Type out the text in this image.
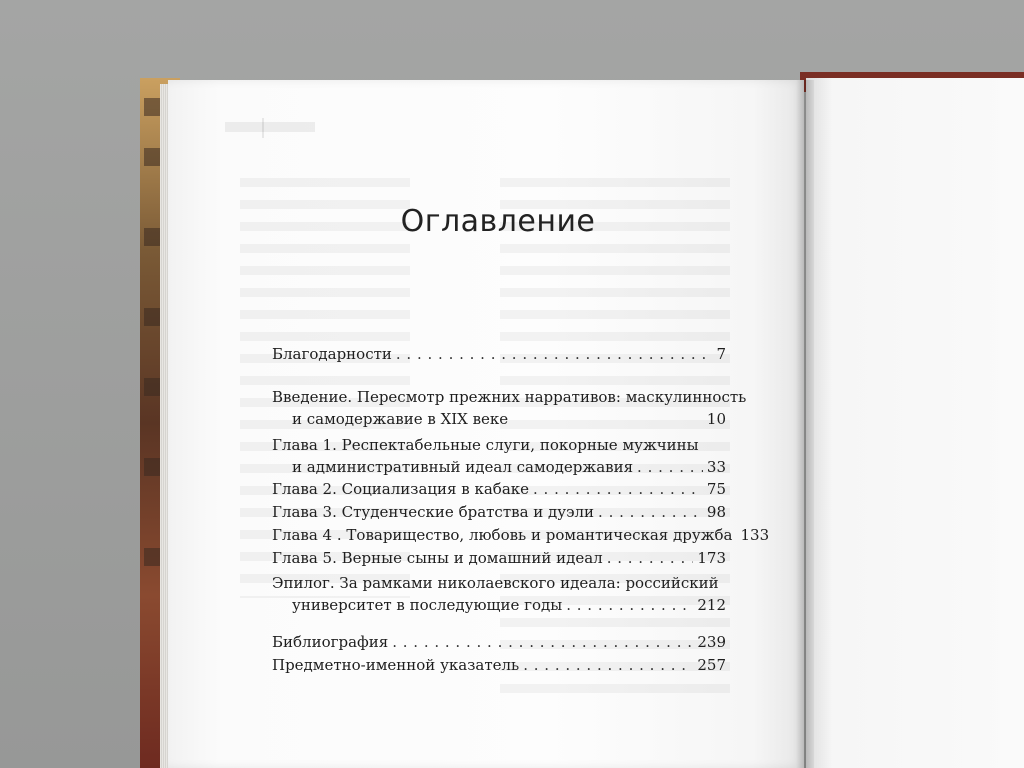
Оглавление
Благодарности . . .	7
Введение. Пересмотр прежних нарративов: маскулинность
и самодержавие в XIX веке	10
Глава 1. Респектабельные слуги, покорные мужчины
и административный идеал самодержавия . . .	33
Глава 2. Социализация в кабаке . . .	75
Глава 3. Студенческие братства и дуэли . . .	98
Глава 4 . Товарищество, любовь и романтическая дружба 133
Глава 5. Верные сыны и домашний идеал . . .	173
Эпилог. За рамками николаевского идеала: российский
университет в последующие годы . . .	212
Библиография . . .	239
Предметно-именной указатель . . .	257
